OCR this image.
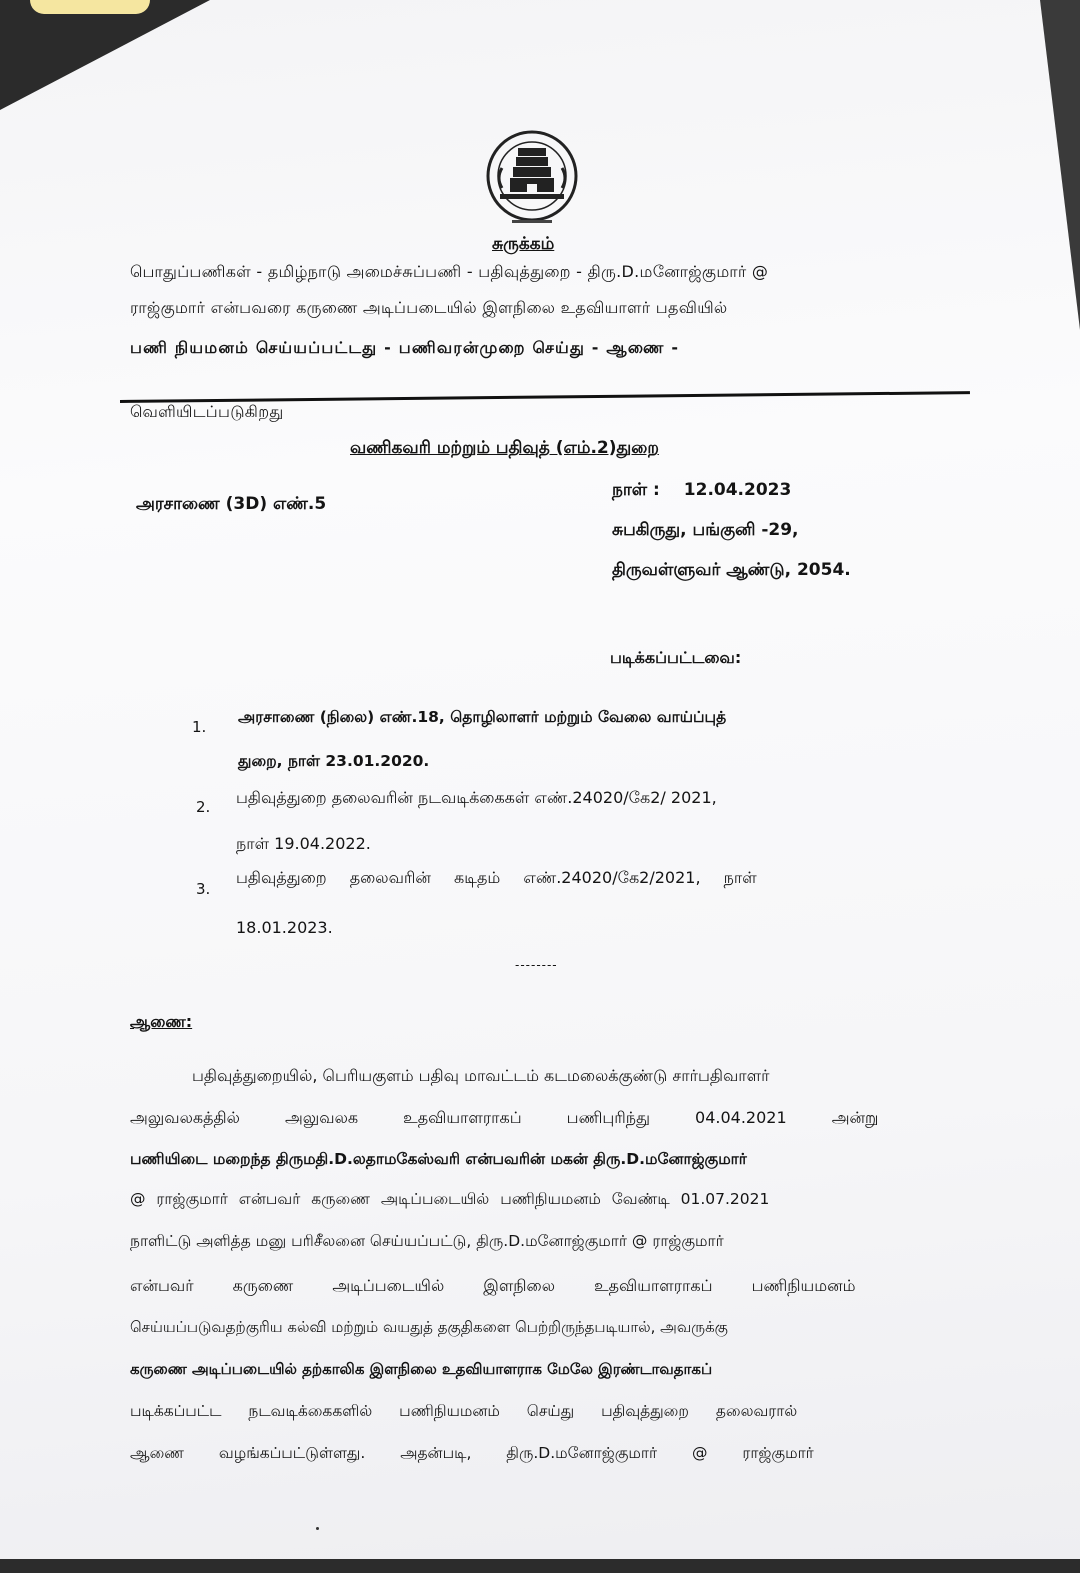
சுருக்கம்
பொதுப்பணிகள் - தமிழ்நாடு அமைச்சுப்பணி - பதிவுத்துறை - திரு.D.மனோஜ்குமார் @
ராஜ்குமார் என்பவரை கருணை அடிப்படையில் இளநிலை உதவியாளர் பதவியில்
பணி நியமனம் செய்யப்பட்டது - பணிவரன்முறை செய்து - ஆணை -
வெளியிடப்படுகிறது
வணிகவரி மற்றும் பதிவுத் (எம்.2)துறை
அரசாணை (3D) எண்.5
நாள் : 12.04.2023
சுபகிருது, பங்குனி -29,
திருவள்ளுவர் ஆண்டு, 2054.
படிக்கப்பட்டவை:
1.
அரசாணை (நிலை) எண்.18, தொழிலாளர் மற்றும் வேலை வாய்ப்புத்
துறை, நாள் 23.01.2020.
2. பதிவுத்துறை தலைவரின் நடவடிக்கைகள் எண்.24020/கே2/ 2021,
நாள் 19.04.2022.
3.
பதிவுத்துறை தலைவரின் கடிதம் எண்.24020/கே2/2021, நாள்
18.01.2023.
--------
ஆணை:
பதிவுத்துறையில், பெரியகுளம் பதிவு மாவட்டம் கடமலைக்குண்டு சார்பதிவாளர்
அலுவலகத்தில் அலுவலக உதவியாளராகப் பணிபுரிந்து 04.04.2021 அன்று
பணியிடை மறைந்த திருமதி.D.லதாமகேஸ்வரி என்பவரின் மகன் திரு.D.மனோஜ்குமார்
@ ராஜ்குமார் என்பவர் கருணை அடிப்படையில் பணிநியமனம் வேண்டி 01.07.2021
நாளிட்டு அளித்த மனு பரிசீலனை செய்யப்பட்டு, திரு.D.மனோஜ்குமார் @ ராஜ்குமார்
என்பவர் கருணை அடிப்படையில் இளநிலை உதவியாளராகப் பணிநியமனம்
செய்யப்படுவதற்குரிய கல்வி மற்றும் வயதுத் தகுதிகளை பெற்றிருந்தபடியால், அவருக்கு
கருணை அடிப்படையில் தற்காலிக இளநிலை உதவியாளராக மேலே இரண்டாவதாகப்
படிக்கப்பட்ட நடவடிக்கைகளில் பணிநியமனம் செய்து பதிவுத்துறை தலைவரால்
ஆணை வழங்கப்பட்டுள்ளது. அதன்படி, திரு.D.மனோஜ்குமார் @ ராஜ்குமார்
